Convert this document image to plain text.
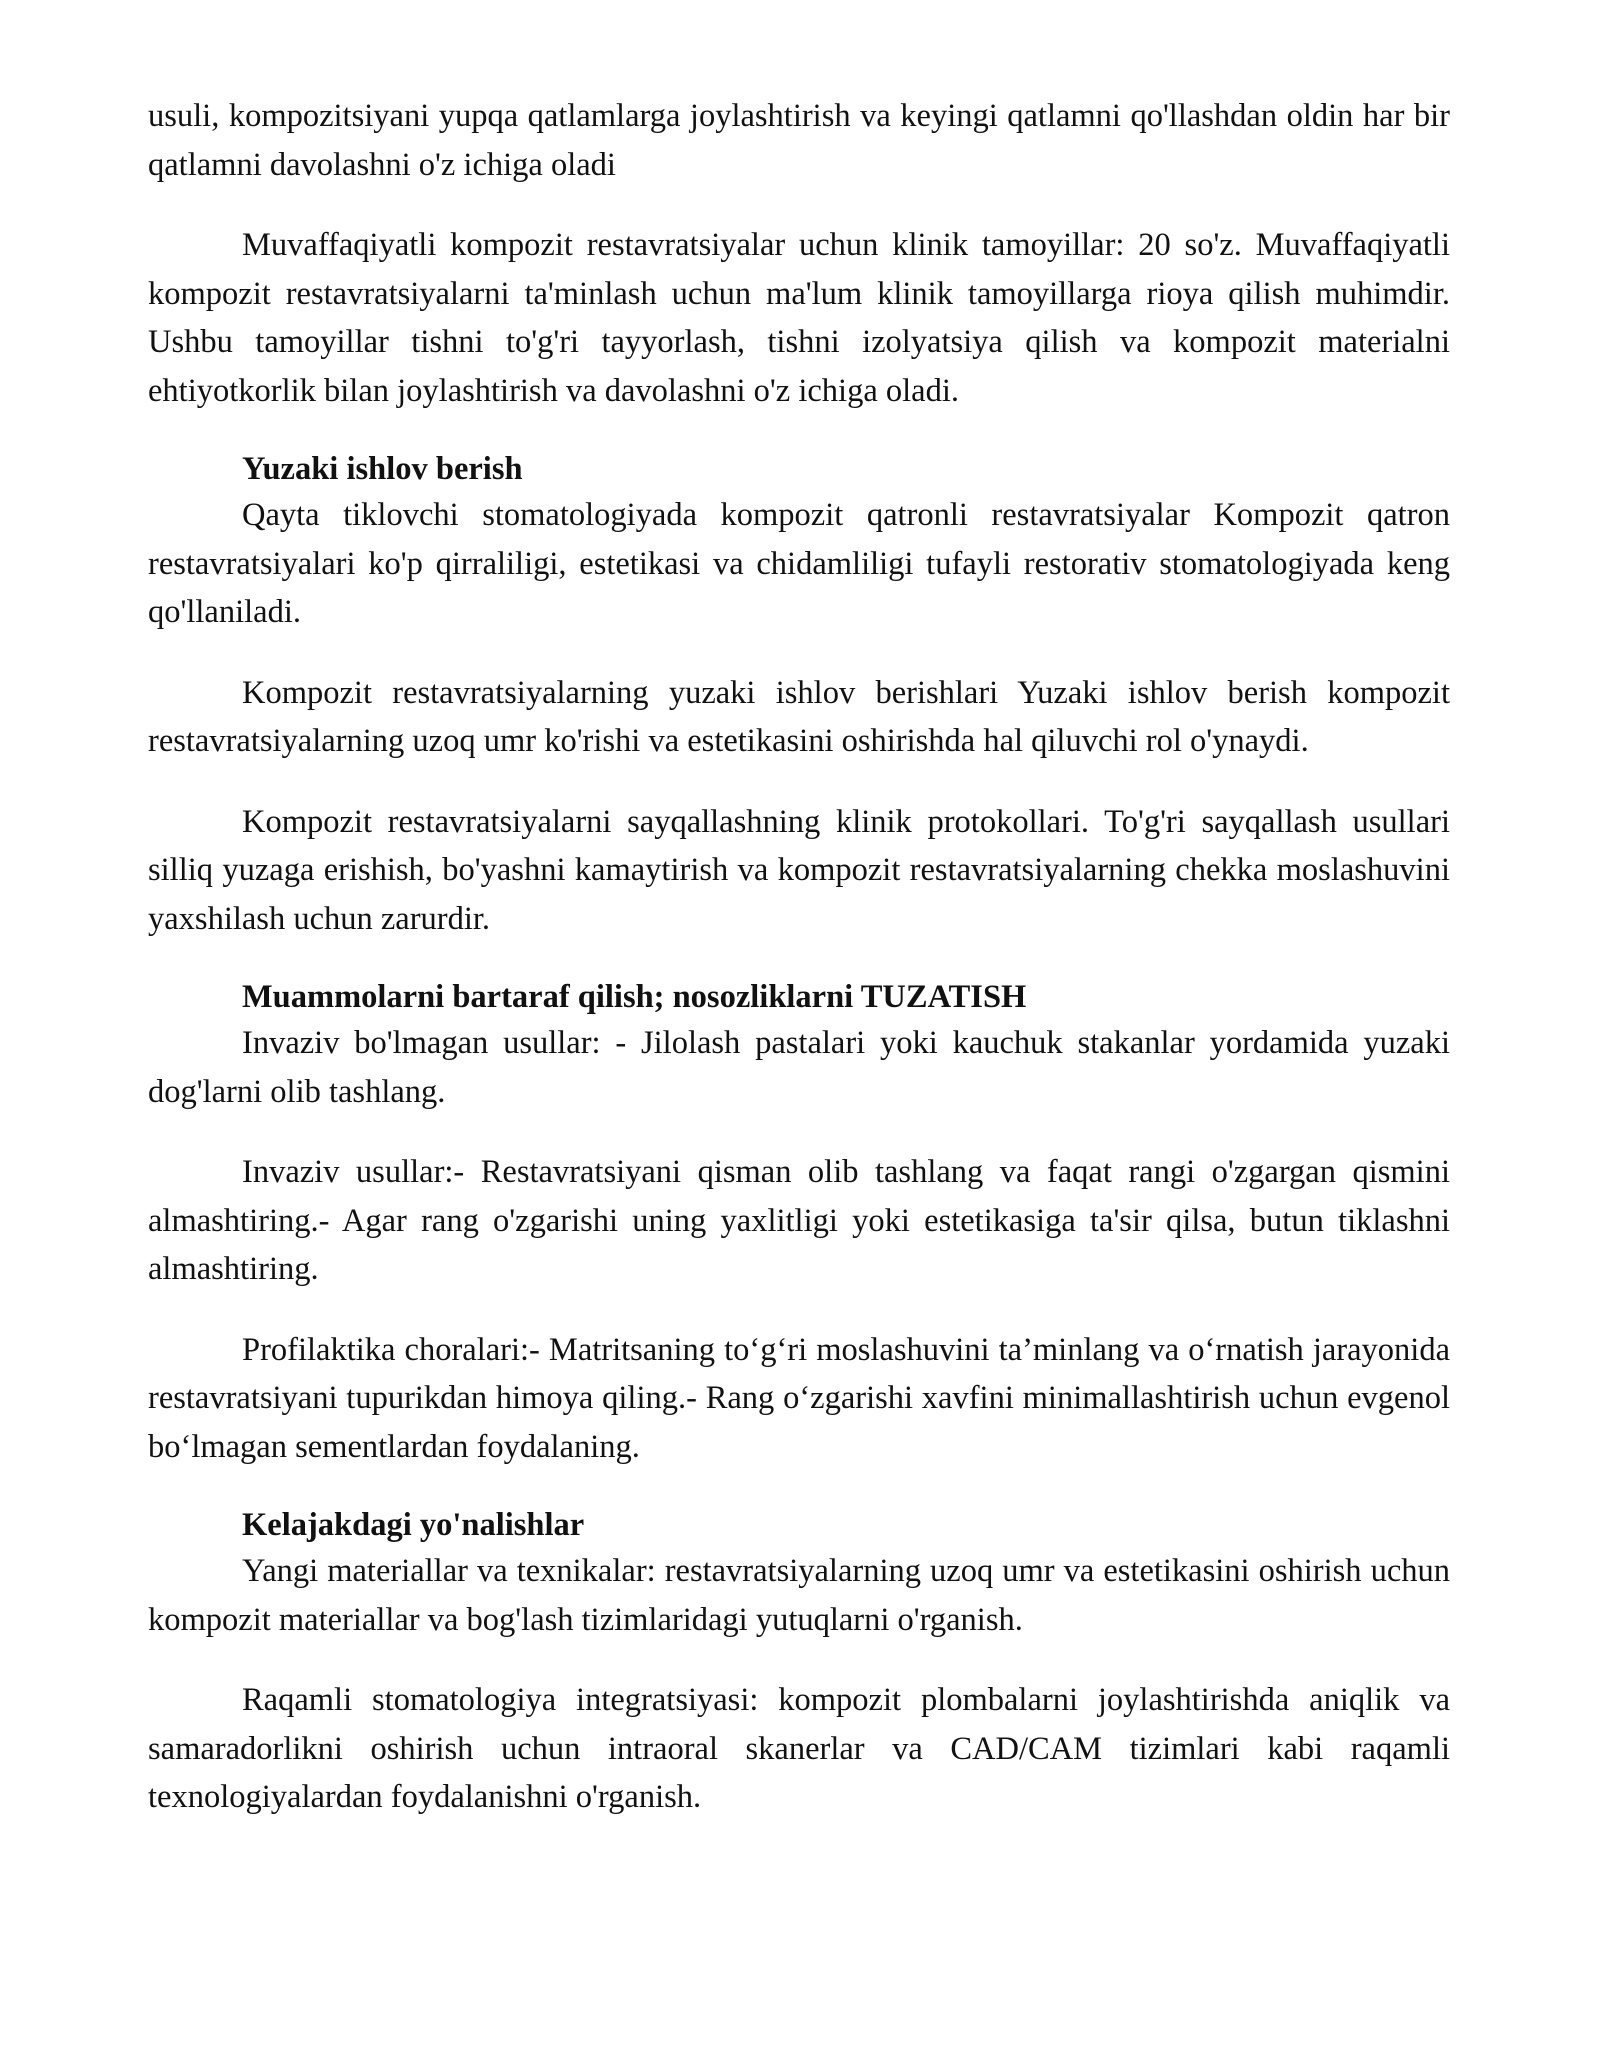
usuli, kompozitsiyani yupqa qatlamlarga joylashtirish va keyingi qatlamni qo'llashdan oldin har bir qatlamni davolashni o'z ichiga oladi

Muvaffaqiyatli kompozit restavratsiyalar uchun klinik tamoyillar: 20 so'z. Muvaffaqiyatli kompozit restavratsiyalarni ta'minlash uchun ma'lum klinik tamoyillarga rioya qilish muhimdir. Ushbu tamoyillar tishni to'g'ri tayyorlash, tishni izolyatsiya qilish va kompozit materialni ehtiyotkorlik bilan joylashtirish va davolashni o'z ichiga oladi.

Yuzaki ishlov berish

Qayta tiklovchi stomatologiyada kompozit qatronli restavratsiyalar Kompozit qatron restavratsiyalari ko'p qirraliligi, estetikasi va chidamliligi tufayli restorativ stomatologiyada keng qo'llaniladi.

Kompozit restavratsiyalarning yuzaki ishlov berishlari Yuzaki ishlov berish kompozit restavratsiyalarning uzoq umr ko'rishi va estetikasini oshirishda hal qiluvchi rol o'ynaydi.

Kompozit restavratsiyalarni sayqallashning klinik protokollari. To'g'ri sayqallash usullari silliq yuzaga erishish, bo'yashni kamaytirish va kompozit restavratsiyalarning chekka moslashuvini yaxshilash uchun zarurdir.

Muammolarni bartaraf qilish; nosozliklarni TUZATISH

Invaziv bo'lmagan usullar: - Jilolash pastalari yoki kauchuk stakanlar yordamida yuzaki dog'larni olib tashlang.

Invaziv usullar:- Restavratsiyani qisman olib tashlang va faqat rangi o'zgargan qismini almashtiring.- Agar rang o'zgarishi uning yaxlitligi yoki estetikasiga ta'sir qilsa, butun tiklashni almashtiring.

Profilaktika choralari:- Matritsaning to‘g‘ri moslashuvini ta’minlang va o‘rnatish jarayonida restavratsiyani tupurikdan himoya qiling.- Rang o‘zgarishi xavfini minimallashtirish uchun evgenol bo‘lmagan sementlardan foydalaning.

Kelajakdagi yo'nalishlar

Yangi materiallar va texnikalar: restavratsiyalarning uzoq umr va estetikasini oshirish uchun kompozit materiallar va bog'lash tizimlaridagi yutuqlarni o'rganish.

Raqamli stomatologiya integratsiyasi: kompozit plombalarni joylashtirishda aniqlik va samaradorlikni oshirish uchun intraoral skanerlar va CAD/CAM tizimlari kabi raqamli texnologiyalardan foydalanishni o'rganish.
